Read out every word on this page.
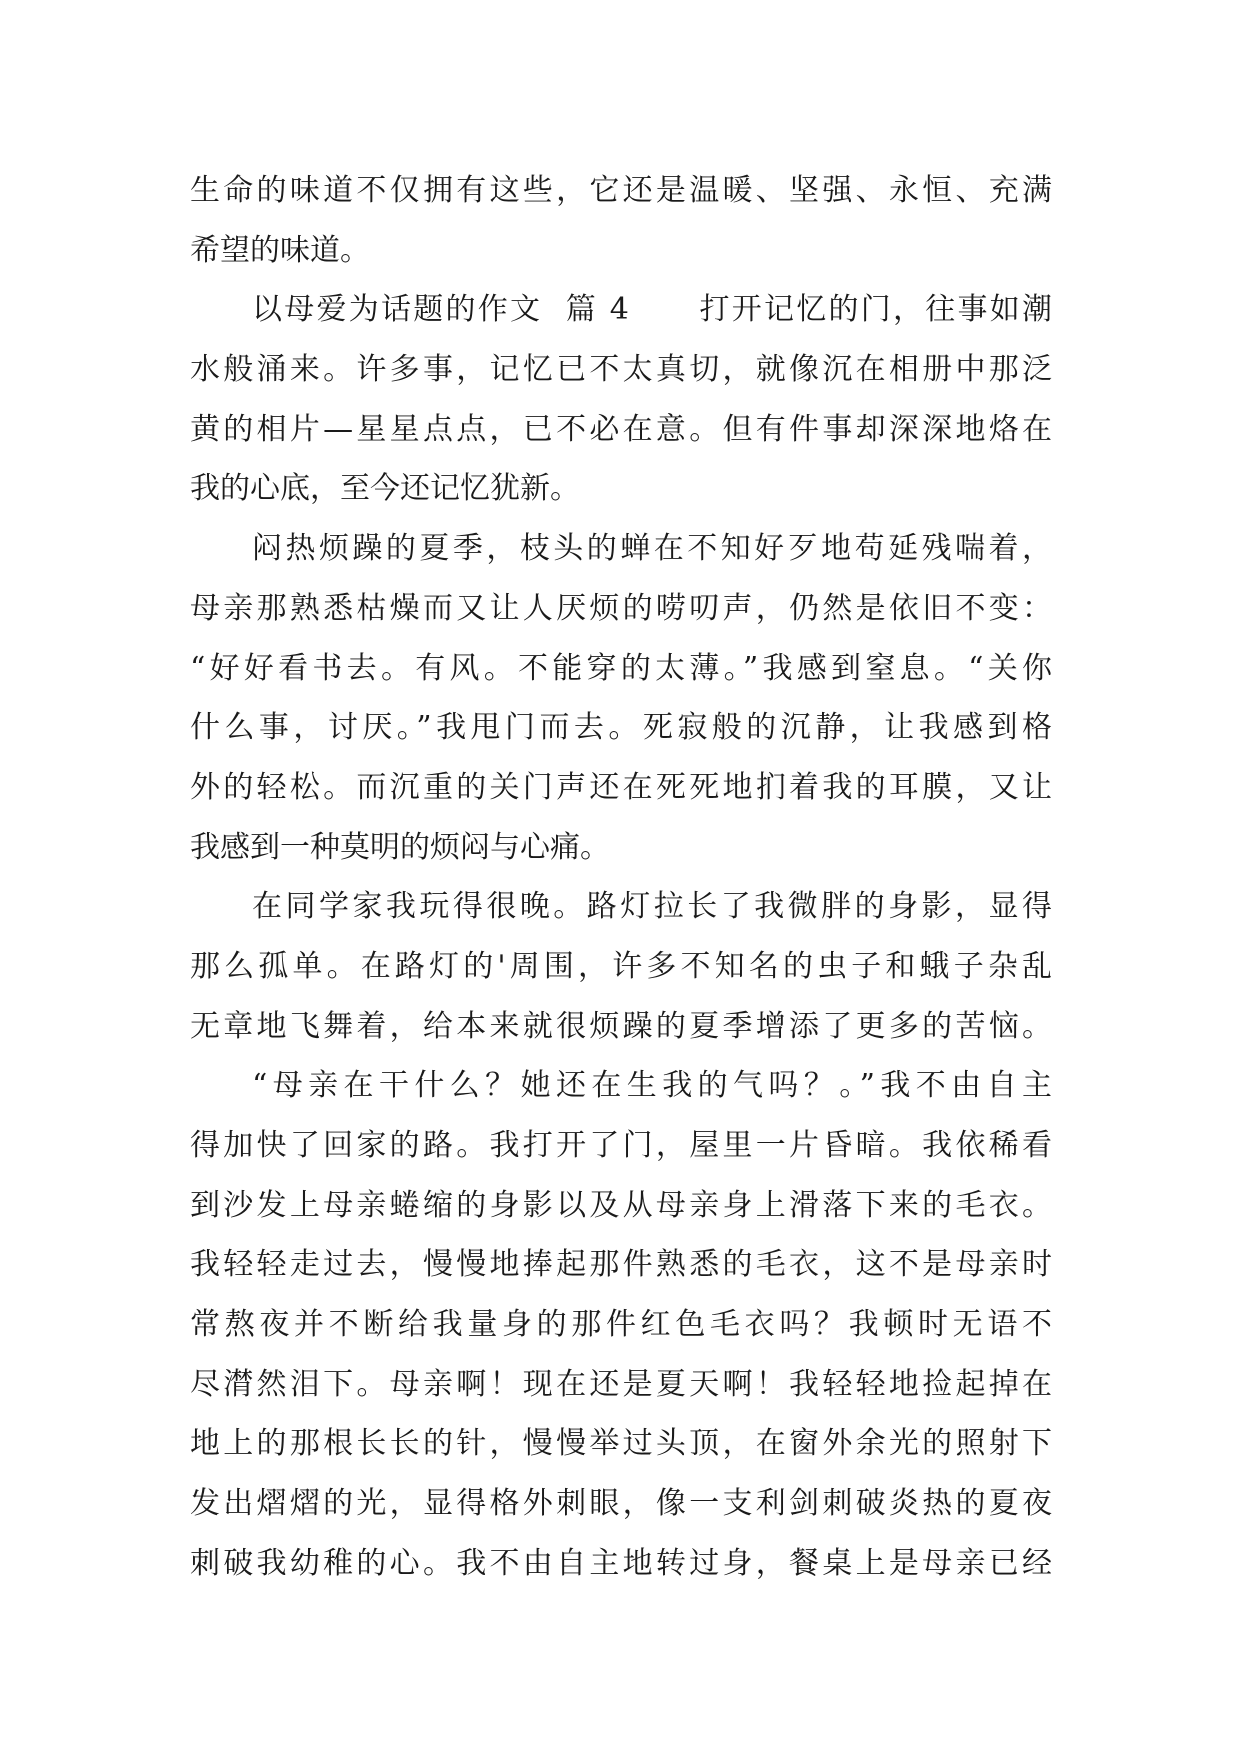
生命的味道不仅拥有这些，它还是温暖、坚强、永恒、充满
希望的味道。
以母爱为话题的作文  篇 4      打开记忆的门，往事如潮
水般涌来。许多事，记忆已不太真切，就像沉在相册中那泛
黄的相片—星星点点，已不必在意。但有件事却深深地烙在
我的心底，至今还记忆犹新。
闷热烦躁的夏季，枝头的蝉在不知好歹地苟延残喘着，
母亲那熟悉枯燥而又让人厌烦的唠叨声，仍然是依旧不变：
“好好看书去。有风。不能穿的太薄。”我感到窒息。“关你
什么事，讨厌。”我甩门而去。死寂般的沉静，让我感到格
外的轻松。而沉重的关门声还在死死地扪着我的耳膜，又让
我感到一种莫明的烦闷与心痛。
在同学家我玩得很晚。路灯拉长了我微胖的身影，显得
那么孤单。在路灯的'周围，许多不知名的虫子和蛾子杂乱
无章地飞舞着，给本来就很烦躁的夏季增添了更多的苦恼。
“母亲在干什么？她还在生我的气吗？。”我不由自主
得加快了回家的路。我打开了门，屋里一片昏暗。我依稀看
到沙发上母亲蜷缩的身影以及从母亲身上滑落下来的毛衣。
我轻轻走过去，慢慢地捧起那件熟悉的毛衣，这不是母亲时
常熬夜并不断给我量身的那件红色毛衣吗？我顿时无语不
尽潸然泪下。母亲啊！现在还是夏天啊！我轻轻地捡起掉在
地上的那根长长的针，慢慢举过头顶，在窗外余光的照射下
发出熠熠的光，显得格外刺眼，像一支利剑刺破炎热的夏夜
刺破我幼稚的心。我不由自主地转过身，餐桌上是母亲已经
